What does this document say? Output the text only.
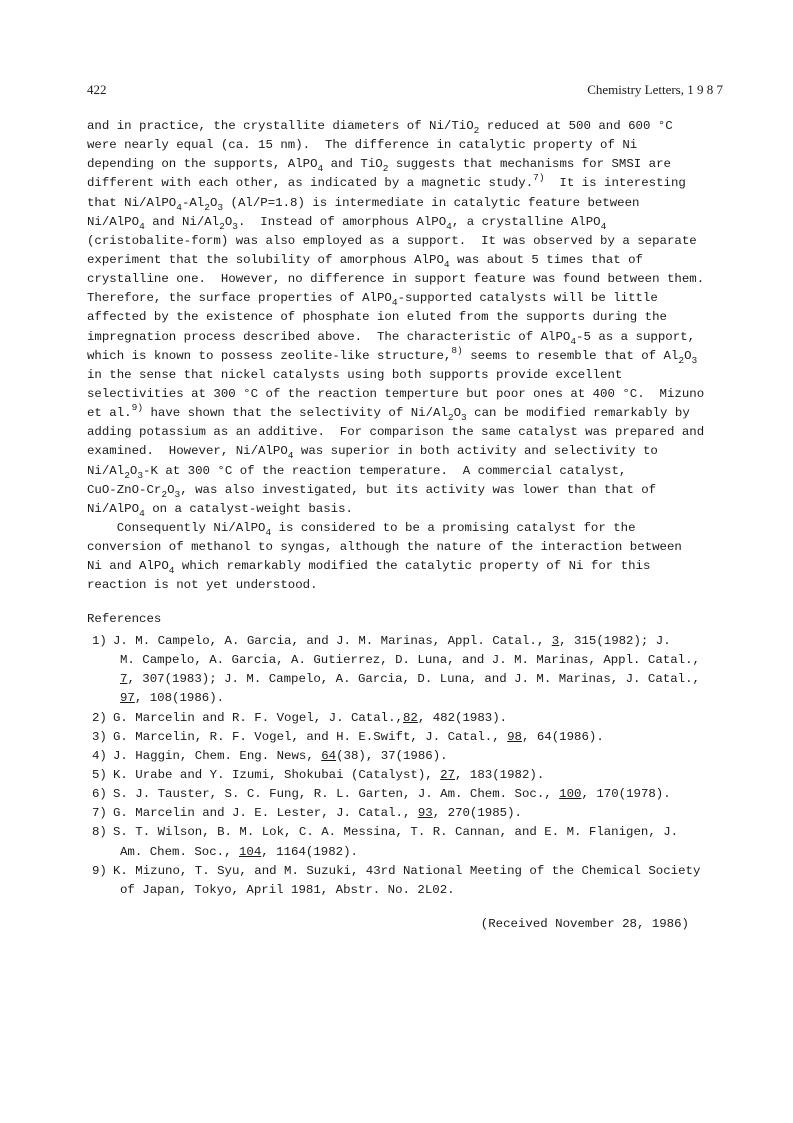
422	Chemistry Letters, 1 9 8 7
and in practice, the crystallite diameters of Ni/TiO$_2$ reduced at 500 and 600 °C
were nearly equal (ca. 15 nm).  The difference in catalytic property of Ni
depending on the supports, AlPO$_4$ and TiO$_2$ suggests that mechanisms for SMSI are
different with each other, as indicated by a magnetic study.$^{7)}$  It is interesting
that $Ni/AlPO_4-Al_2O_3$ (Al/P=1.8) is intermediate in catalytic feature between
Ni/AlPO$_4$ and $Ni/Al_2O_3$.  Instead of amorphous AlPO$_4$, a crystalline AlPO$_4$
(cristobalite-form) was also employed as a support.  It was observed by a separate
experiment that the solubility of amorphous AlPO$_4$ was about 5 times that of
crystalline one.  However, no difference in support feature was found between them.
Therefore, the surface properties of AlPO$_4$-supported catalysts will be little
affected by the existence of phosphate ion eluted from the supports during the
impregnation process described above.  The characteristic of AlPO$_4$-5 as a support,
which is known to possess zeolite-like structure,$^{8)}$ seems to resemble that of $Al_2O_3$
in the sense that nickel catalysts using both supports provide excellent
selectivities at 300 °C of the reaction temperture but poor ones at 400 °C.  Mizuno
et al.$^{9)}$ have shown that the selectivity of $Ni/Al_2O_3$ can be modified remarkably by
adding potassium as an additive.  For comparison the same catalyst was prepared and
examined.  However, Ni/AlPO$_4$ was superior in both activity and selectivity to
$Ni/Al_2O_3-K$ at 300 °C of the reaction temperature.  A commercial catalyst,
CuO-$ZnO-Cr_2O_3$, was also investigated, but its activity was lower than that of
Ni/AlPO$_4$ on a catalyst-weight basis.
Consequently Ni/AlPO$_4$ is considered to be a promising catalyst for the
conversion of methanol to syngas, although the nature of the interaction between
Ni and AlPO$_4$ which remarkably modified the catalytic property of Ni for this
reaction is not yet understood.
References
1) J. M. Campelo, A. Garcia, and J. M. Marinas, Appl. Catal., 3, 315(1982); J.
M. Campelo, A. Garcia, A. Gutierrez, D. Luna, and J. M. Marinas, Appl. Catal.,
7, 307(1983); J. M. Campelo, A. Garcia, D. Luna, and J. M. Marinas, J. Catal.,
97, 108(1986).
2) G. Marcelin and R. F. Vogel, J. Catal.,82, 482(1983).
3) G. Marcelin, R. F. Vogel, and H. E.Swift, J. Catal., 98, 64(1986).
4) J. Haggin, Chem. Eng. News, 64(38), 37(1986).
5) K. Urabe and Y. Izumi, Shokubai (Catalyst), 27, 183(1982).
6) S. J. Tauster, S. C. Fung, R. L. Garten, J. Am. Chem. Soc., 100, 170(1978).
7) G. Marcelin and J. E. Lester, J. Catal., 93, 270(1985).
8) S. T. Wilson, B. M. Lok, C. A. Messina, T. R. Cannan, and E. M. Flanigen, J.
Am. Chem. Soc., 104, 1164(1982).
9) K. Mizuno, T. Syu, and M. Suzuki, 43rd National Meeting of the Chemical Society
of Japan, Tokyo, April 1981, Abstr. No. 2L02.
(Received November 28, 1986)
